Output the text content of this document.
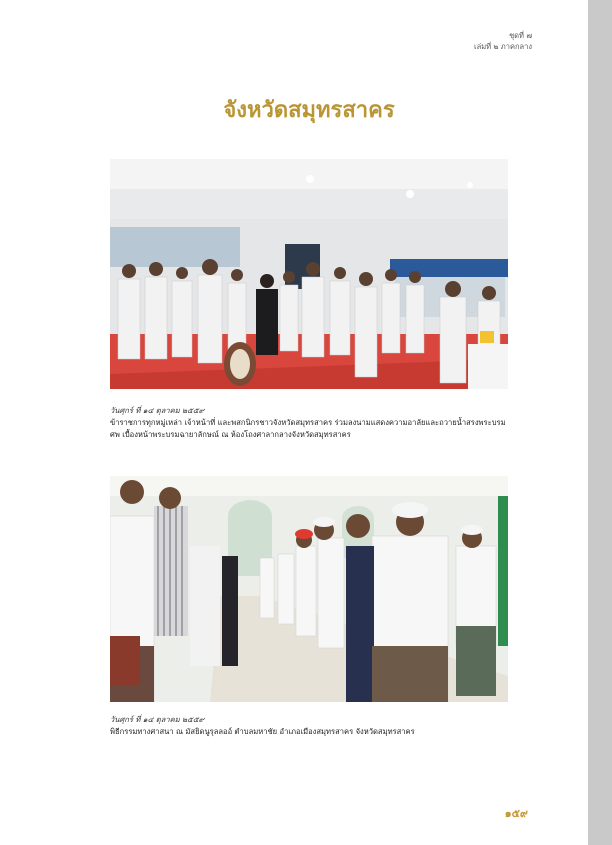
ชุดที่ ๗
เล่มที่ ๒ ภาคกลาง
จังหวัดสมุทรสาคร
วันศุกร์ ที่ ๑๔ ตุลาคม ๒๕๕๙
ข้าราชการทุกหมู่เหล่า เจ้าหน้าที่ และพสกนิกรชาวจังหวัดสมุทรสาคร ร่วมลงนามแสดงความอาลัยและถวายน้ำสรงพระบรมศพ เบื้องหน้าพระบรมฉายาลักษณ์ ณ ห้องโถงศาลากลางจังหวัดสมุทรสาคร
วันศุกร์ ที่ ๑๔ ตุลาคม ๒๕๕๙
พิธีกรรมทางศาสนา ณ มัสยิดนูรุลลออ์ ตำบลมหาชัย อำเภอเมืองสมุทรสาคร จังหวัดสมุทรสาคร
๑๕๙
